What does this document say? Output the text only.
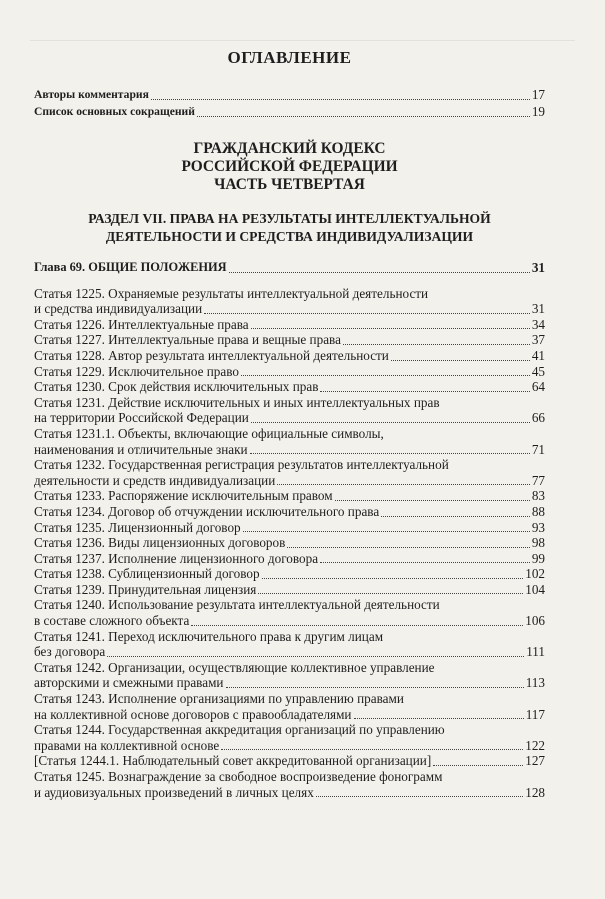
ОГЛАВЛЕНИЕ
Авторы комментария	17
Список основных сокращений	19

ГРАЖДАНСКИЙ КОДЕКС

РОССИЙСКОЙ ФЕДЕРАЦИИ

ЧАСТЬ ЧЕТВЕРТАЯ

РАЗДЕЛ VII. ПРАВА НА РЕЗУЛЬТАТЫ ИНТЕЛЛЕКТУАЛЬНОЙ

ДЕЯТЕЛЬНОСТИ И СРЕДСТВА ИНДИВИДУАЛИЗАЦИИ

Глава 69. ОБЩИЕ ПОЛОЖЕНИЯ	31
Статья 1225. Охраняемые результаты интеллектуальной деятельности
и средства индивидуализации	31
Статья 1226. Интеллектуальные права	34
Статья 1227. Интеллектуальные права и вещные права	37
Статья 1228. Автор результата интеллектуальной деятельности	41
Статья 1229. Исключительное право	45
Статья 1230. Срок действия исключительных прав	64
Статья 1231. Действие исключительных и иных интеллектуальных прав
на территории Российской Федерации	66
Статья 1231.1. Объекты, включающие официальные символы,
наименования и отличительные знаки	71
Статья 1232. Государственная регистрация результатов интеллектуальной
деятельности и средств индивидуализации	77
Статья 1233. Распоряжение исключительным правом	83
Статья 1234. Договор об отчуждении исключительного права	88
Статья 1235. Лицензионный договор	93
Статья 1236. Виды лицензионных договоров	98
Статья 1237. Исполнение лицензионного договора	99
Статья 1238. Сублицензионный договор	102
Статья 1239. Принудительная лицензия	104
Статья 1240. Использование результата интеллектуальной деятельности
в составе сложного объекта	106
Статья 1241. Переход исключительного права к другим лицам
без договора	111
Статья 1242. Организации, осуществляющие коллективное управление
авторскими и смежными правами	113
Статья 1243. Исполнение организациями по управлению правами
на коллективной основе договоров с правообладателями	117
Статья 1244. Государственная аккредитация организаций по управлению
правами на коллективной основе	122
[Статья 1244.1. Наблюдательный совет аккредитованной организации]	127
Статья 1245. Вознаграждение за свободное воспроизведение фонограмм
и аудиовизуальных произведений в личных целях	128
